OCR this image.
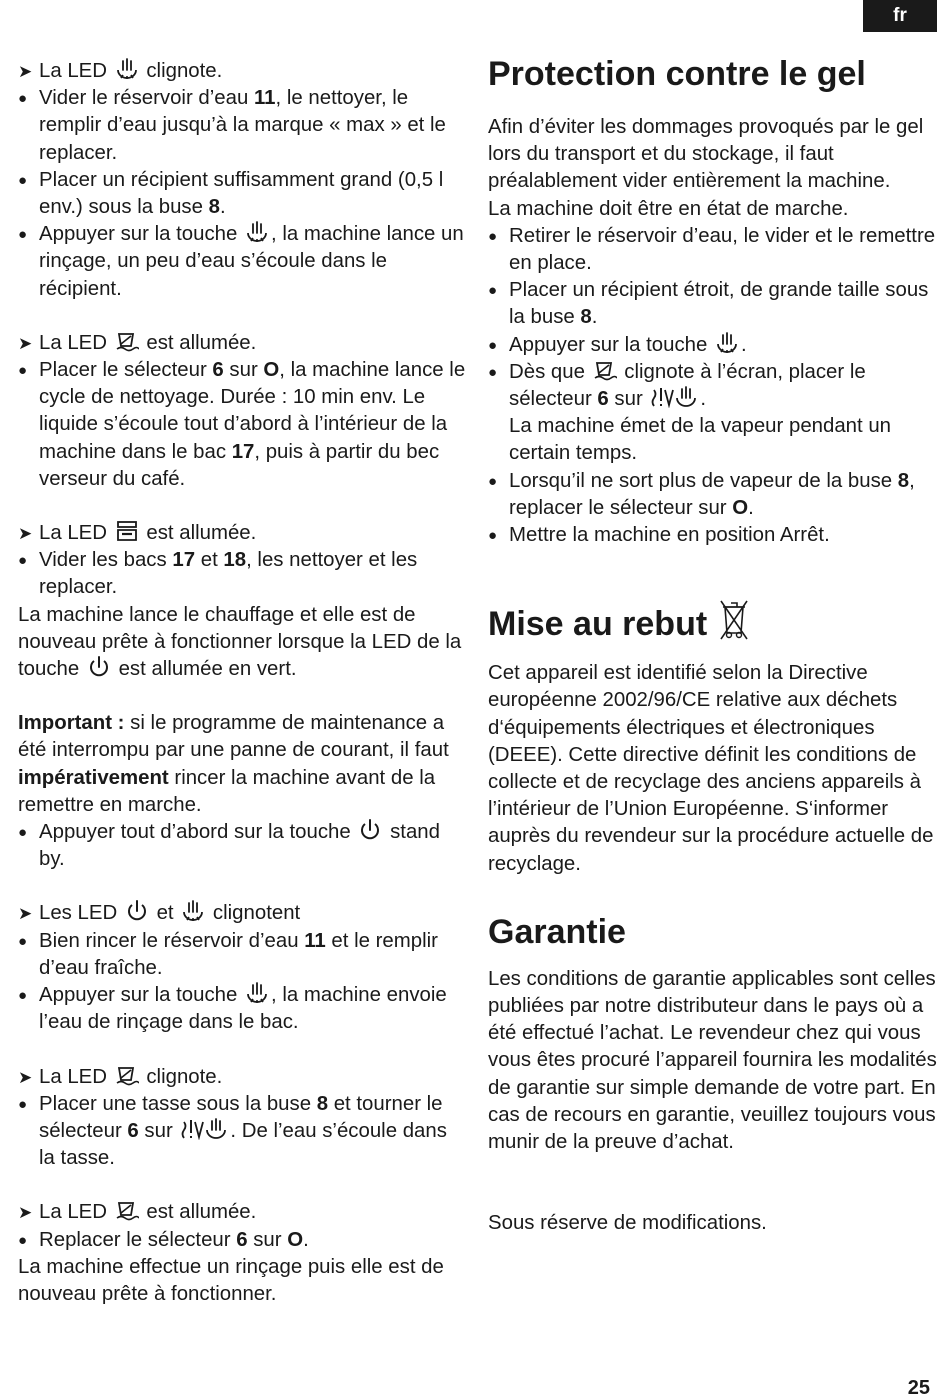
fr

➤ La LED clignote.

● Vider le réservoir d’eau 11, le nettoyer, le remplir d’eau jusqu’à la marque « max » et le replacer.

● Placer un récipient suffisamment grand (0,5 l env.) sous la buse 8.

● Appuyer sur la touche , la machine lance un rinçage, un peu d’eau s’écoule dans le récipient.

➤ La LED est allumée.

● Placer le sélecteur 6 sur O, la machine lance le cycle de nettoyage. Durée : 10 min env. Le liquide s’écoule tout d’abord à l’intérieur de la machine dans le bac 17, puis à partir du bec verseur du café.

➤ La LED est allumée.

● Vider les bacs 17 et 18, les nettoyer et les replacer.

La machine lance le chauffage et elle est de nouveau prête à fonctionner lorsque la LED de la touche est allumée en vert.

Important : si le programme de maintenance a été interrompu par une panne de courant, il faut impérativement rincer la machine avant de la remettre en marche.

● Appuyer tout d’abord sur la touche stand by.

➤ Les LED et clignotent

● Bien rincer le réservoir d’eau 11 et le remplir d’eau fraîche.

● Appuyer sur la touche , la machine envoie l’eau de rinçage dans le bac.

➤ La LED clignote.

● Placer une tasse sous la buse 8 et tourner le sélecteur 6 sur	. De l’eau s’écoule dans la tasse.

➤ La LED est allumée.

● Replacer le sélecteur 6 sur O.

La machine effectue un rinçage puis elle est de nouveau prête à fonctionner.

Protection contre le gel

Afin d’éviter les dommages provoqués par le gel lors du transport et du stockage, il faut préalablement vider entièrement la machine.

La machine doit être en état de marche.

● Retirer le réservoir d’eau, le vider et le remettre en place.

● Placer un récipient étroit, de grande taille sous la buse 8.

● Appuyer sur la touche .

● Dès que clignote à l’écran, placer le sélecteur 6 sur	.
La machine émet de la vapeur pendant un certain temps.

● Lorsqu’il ne sort plus de vapeur de la buse 8, replacer le sélecteur sur O.

● Mettre la machine en position Arrêt.

Mise au rebut

Cet appareil est identifié selon la Directive européenne 2002/96/CE relative aux déchets d‘équipements électriques et électroniques (DEEE). Cette directive définit les conditions de collecte et de recyclage des anciens appareils à l’intérieur de l’Union Européenne. S‘informer auprès du revendeur sur la procédure actuelle de recyclage.

Garantie

Les conditions de garantie applicables sont celles publiées par notre distributeur dans le pays où a été effectué l’achat. Le revendeur chez qui vous vous êtes procuré l’appareil fournira les modalités de garantie sur simple demande de votre part. En cas de recours en garantie, veuillez toujours vous munir de la preuve d’achat.

Sous réserve de modifications.

25
